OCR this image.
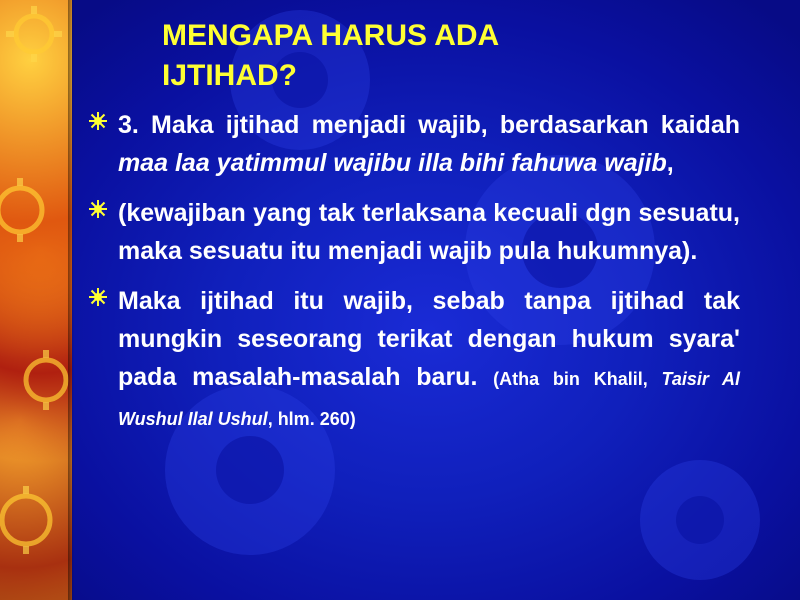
MENGAPA HARUS ADA
IJTIHAD?
3. Maka ijtihad menjadi wajib, berdasarkan kaidah maa laa yatimmul wajibu illa bihi fahuwa wajib,
(kewajiban yang tak terlaksana kecuali dgn sesuatu, maka sesuatu itu menjadi wajib pula hukumnya).
Maka ijtihad itu wajib, sebab tanpa ijtihad tak mungkin seseorang terikat dengan hukum syara' pada masalah-masalah baru. (Atha bin Khalil, Taisir Al Wushul Ilal Ushul, hlm. 260)
